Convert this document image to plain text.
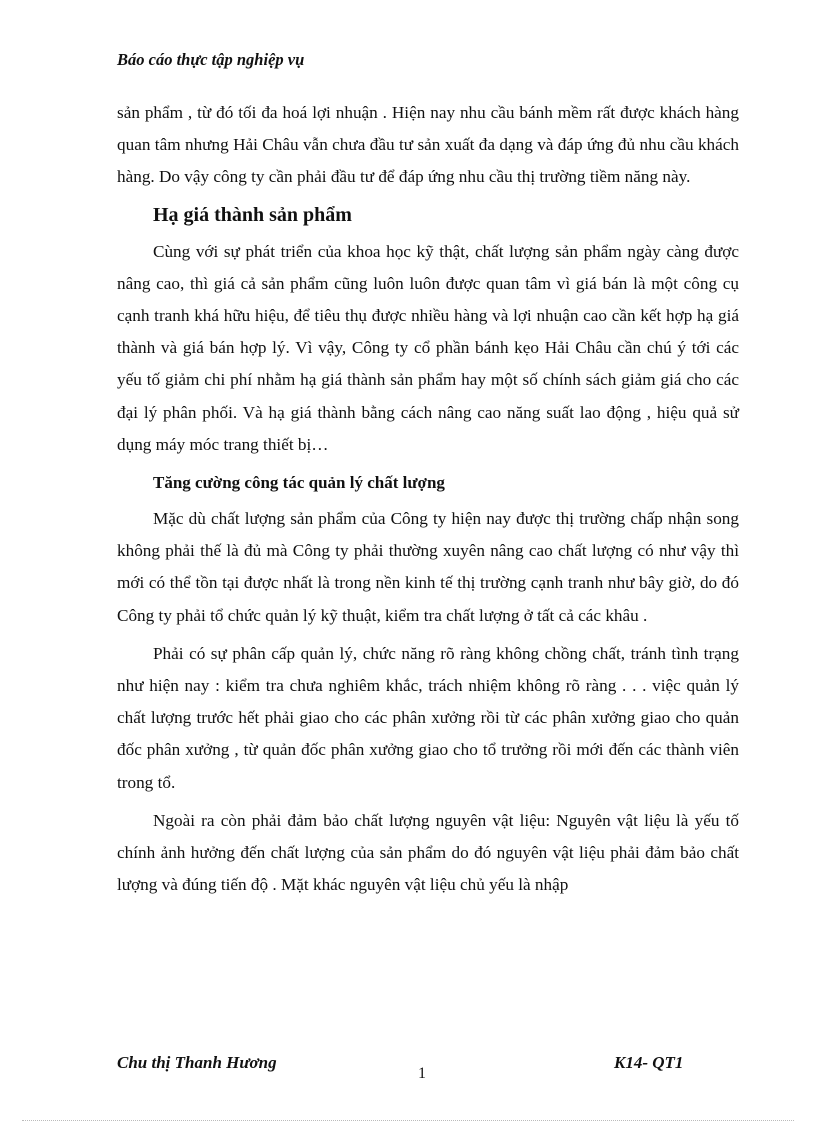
Báo cáo thực tập nghiệp vụ

sản phẩm , từ đó tối đa hoá lợi nhuận . Hiện nay nhu cầu bánh mềm rất được khách hàng quan tâm nhưng Hải Châu vẫn chưa đầu tư sản xuất đa dạng và đáp ứng đủ nhu cầu khách hàng. Do vậy công ty cần phải đầu tư để đáp ứng nhu cầu thị trường tiềm năng này.

Hạ giá thành sản phẩm

Cùng với sự phát triển của khoa học kỹ thật, chất lượng sản phẩm ngày càng được nâng cao, thì giá cả sản phẩm cũng luôn luôn được quan tâm vì giá bán là một công cụ cạnh tranh khá hữu hiệu, để tiêu thụ được nhiều hàng và lợi nhuận cao cần kết hợp hạ giá thành và giá bán hợp lý. Vì vậy, Công ty cổ phần bánh kẹo Hải Châu cần chú ý tới các yếu tố giảm chi phí nhằm hạ giá thành sản phẩm hay một số chính sách giảm giá cho các đại lý phân phối. Và hạ giá thành bằng cách nâng cao năng suất lao động , hiệu quả sử dụng máy móc trang thiết bị…

Tăng cường công tác quản lý chất lượng

Mặc dù chất lượng sản phẩm của Công ty hiện nay được thị trường chấp nhận song không phải thế là đủ mà Công ty phải thường xuyên nâng cao chất lượng có như vậy thì mới có thể tồn tại được nhất là trong nền kinh tế thị trường cạnh tranh như bây giờ, do đó Công ty phải tổ chức quản lý kỹ thuật, kiểm tra chất lượng ở tất cả các khâu .

Phải có sự phân cấp quản lý, chức năng rõ ràng không chồng chất, tránh tình trạng như hiện nay : kiểm tra chưa nghiêm khắc, trách nhiệm không rõ ràng . . . việc quản lý chất lượng trước hết phải giao cho các phân xưởng rồi từ các phân xưởng giao cho quản đốc phân xưởng , từ quản đốc phân xưởng giao cho tổ trưởng rồi mới đến các thành viên trong tổ.

Ngoài ra còn phải đảm bảo chất lượng nguyên vật liệu: Nguyên vật liệu là yếu tố chính ảnh hưởng đến chất lượng của sản phẩm do đó nguyên vật liệu phải đảm bảo chất lượng và đúng tiến độ . Mặt khác nguyên vật liệu chủ yếu là nhập

Chu thị Thanh Hương
1
K14- QT1
